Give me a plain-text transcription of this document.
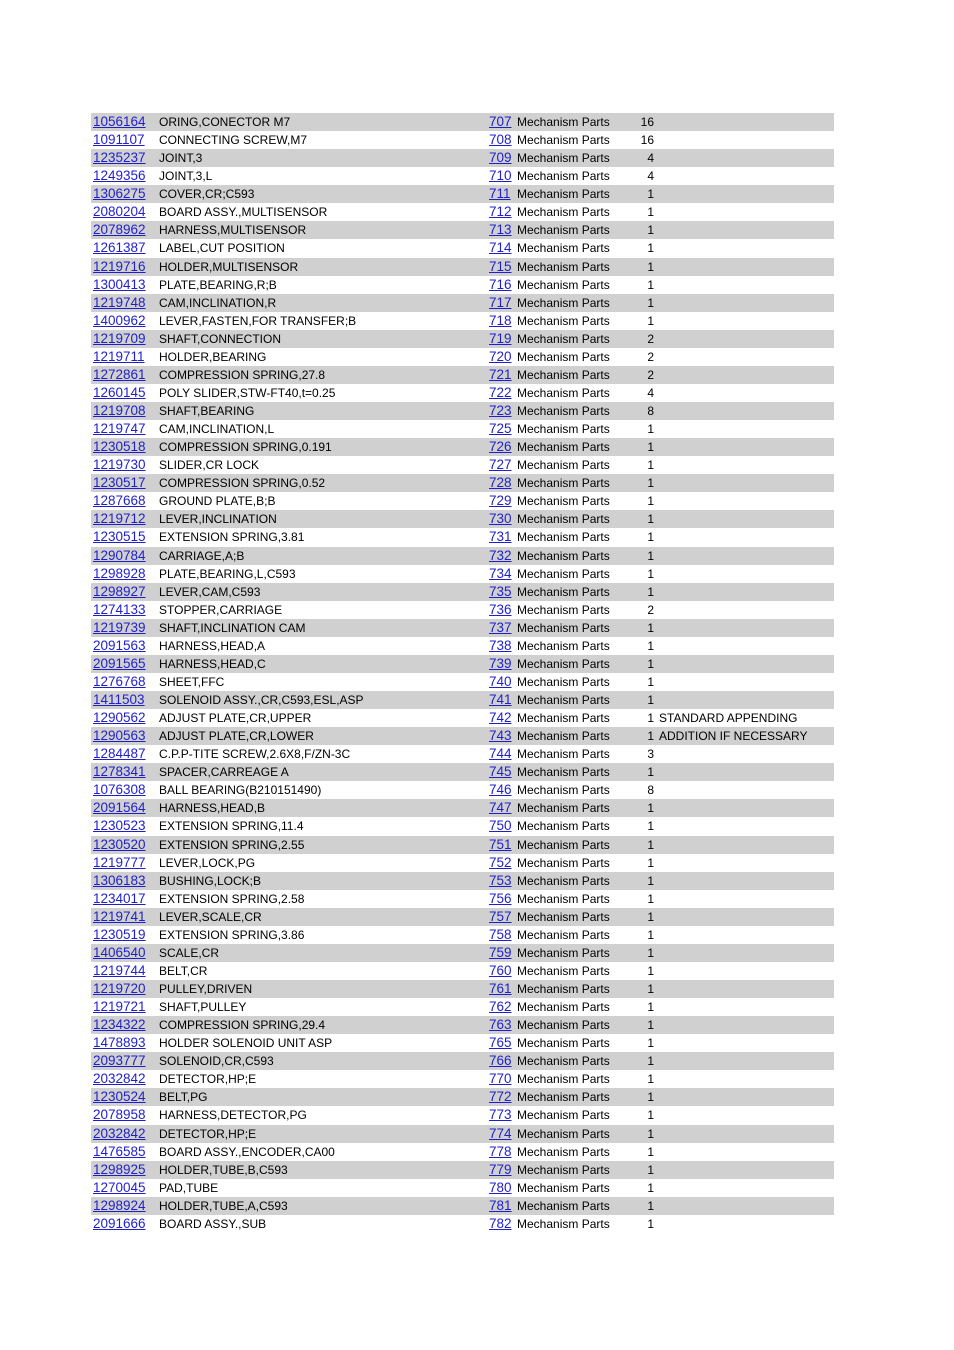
1056164 ORING,CONECTOR M7	707 Mechanism Parts	16
1091107 CONNECTING SCREW,M7	708 Mechanism Parts	16
1235237 JOINT,3	709 Mechanism Parts	4
1249356 JOINT,3,L	710 Mechanism Parts	4
1306275 COVER,CR;C593	711 Mechanism Parts	1
2080204 BOARD ASSY.,MULTISENSOR	712 Mechanism Parts	1
2078962 HARNESS,MULTISENSOR	713 Mechanism Parts	1
1261387 LABEL,CUT POSITION	714 Mechanism Parts	1
1219716 HOLDER,MULTISENSOR	715 Mechanism Parts	1
1300413 PLATE,BEARING,R;B	716 Mechanism Parts	1
1219748 CAM,INCLINATION,R	717 Mechanism Parts	1
1400962 LEVER,FASTEN,FOR TRANSFER;B	718 Mechanism Parts	1
1219709 SHAFT,CONNECTION	719 Mechanism Parts	2
1219711 HOLDER,BEARING	720 Mechanism Parts	2
1272861 COMPRESSION SPRING,27.8	721 Mechanism Parts	2
1260145 POLY SLIDER,STW-FT40,t=0.25	722 Mechanism Parts	4
1219708 SHAFT,BEARING	723 Mechanism Parts	8
1219747 CAM,INCLINATION,L	725 Mechanism Parts	1
1230518 COMPRESSION SPRING,0.191	726 Mechanism Parts	1
1219730 SLIDER,CR LOCK	727 Mechanism Parts	1
1230517 COMPRESSION SPRING,0.52	728 Mechanism Parts	1
1287668 GROUND PLATE,B;B	729 Mechanism Parts	1
1219712 LEVER,INCLINATION	730 Mechanism Parts	1
1230515 EXTENSION SPRING,3.81	731 Mechanism Parts	1
1290784 CARRIAGE,A;B	732 Mechanism Parts	1
1298928 PLATE,BEARING,L,C593	734 Mechanism Parts	1
1298927 LEVER,CAM,C593	735 Mechanism Parts	1
1274133 STOPPER,CARRIAGE	736 Mechanism Parts	2
1219739 SHAFT,INCLINATION CAM	737 Mechanism Parts	1
2091563 HARNESS,HEAD,A	738 Mechanism Parts	1
2091565 HARNESS,HEAD,C	739 Mechanism Parts	1
1276768 SHEET,FFC	740 Mechanism Parts	1
1411503 SOLENOID ASSY.,CR,C593,ESL,ASP	741 Mechanism Parts	1
1290562 ADJUST PLATE,CR,UPPER	742 Mechanism Parts	1 STANDARD APPENDING
1290563 ADJUST PLATE,CR,LOWER	743 Mechanism Parts	1 ADDITION IF NECESSARY
1284487 C.P.P-TITE SCREW,2.6X8,F/ZN-3C	744 Mechanism Parts	3
1278341 SPACER,CARREAGE A	745 Mechanism Parts	1
1076308 BALL BEARING(B210151490)	746 Mechanism Parts	8
2091564 HARNESS,HEAD,B	747 Mechanism Parts	1
1230523 EXTENSION SPRING,11.4	750 Mechanism Parts	1
1230520 EXTENSION SPRING,2.55	751 Mechanism Parts	1
1219777 LEVER,LOCK,PG	752 Mechanism Parts	1
1306183 BUSHING,LOCK;B	753 Mechanism Parts	1
1234017 EXTENSION SPRING,2.58	756 Mechanism Parts	1
1219741 LEVER,SCALE,CR	757 Mechanism Parts	1
1230519 EXTENSION SPRING,3.86	758 Mechanism Parts	1
1406540 SCALE,CR	759 Mechanism Parts	1
1219744 BELT,CR	760 Mechanism Parts	1
1219720 PULLEY,DRIVEN	761 Mechanism Parts	1
1219721 SHAFT,PULLEY	762 Mechanism Parts	1
1234322 COMPRESSION SPRING,29.4	763 Mechanism Parts	1
1478893 HOLDER SOLENOID UNIT ASP	765 Mechanism Parts	1
2093777 SOLENOID,CR,C593	766 Mechanism Parts	1
2032842 DETECTOR,HP;E	770 Mechanism Parts	1
1230524 BELT,PG	772 Mechanism Parts	1
2078958 HARNESS,DETECTOR,PG	773 Mechanism Parts	1
2032842 DETECTOR,HP;E	774 Mechanism Parts	1
1476585 BOARD ASSY.,ENCODER,CA00	778 Mechanism Parts	1
1298925 HOLDER,TUBE,B,C593	779 Mechanism Parts	1
1270045 PAD,TUBE	780 Mechanism Parts	1
1298924 HOLDER,TUBE,A,C593	781 Mechanism Parts	1
2091666 BOARD ASSY.,SUB	782 Mechanism Parts	1
